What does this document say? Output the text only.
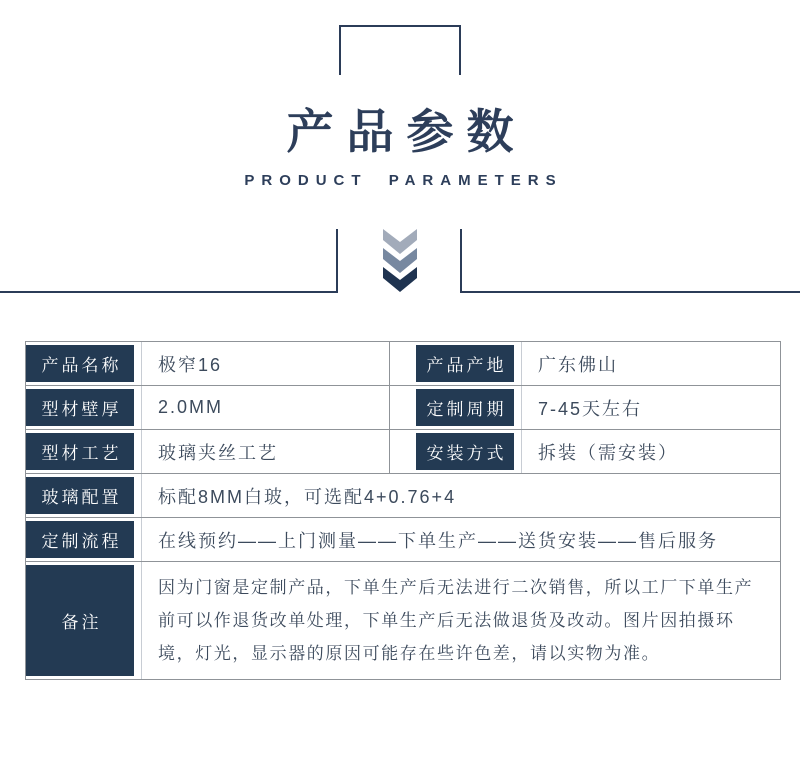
产品参数
PRODUCT PARAMETERS
产品名称	极窄16	产品产地	广东佛山
型材壁厚	2.0MM	定制周期	7-45天左右
型材工艺	玻璃夹丝工艺	安装方式	拆装（需安装）
玻璃配置	标配8MM白玻，可选配4+0.76+4
定制流程	在线预约——上门测量——下单生产——送货安装——售后服务
备注
因为门窗是定制产品，下单生产后无法进行二次销售，所以工厂下单生产前可以作退货改单处理，下单生产后无法做退货及改动。图片因拍摄环境，灯光，显示器的原因可能存在些许色差，请以实物为准。
